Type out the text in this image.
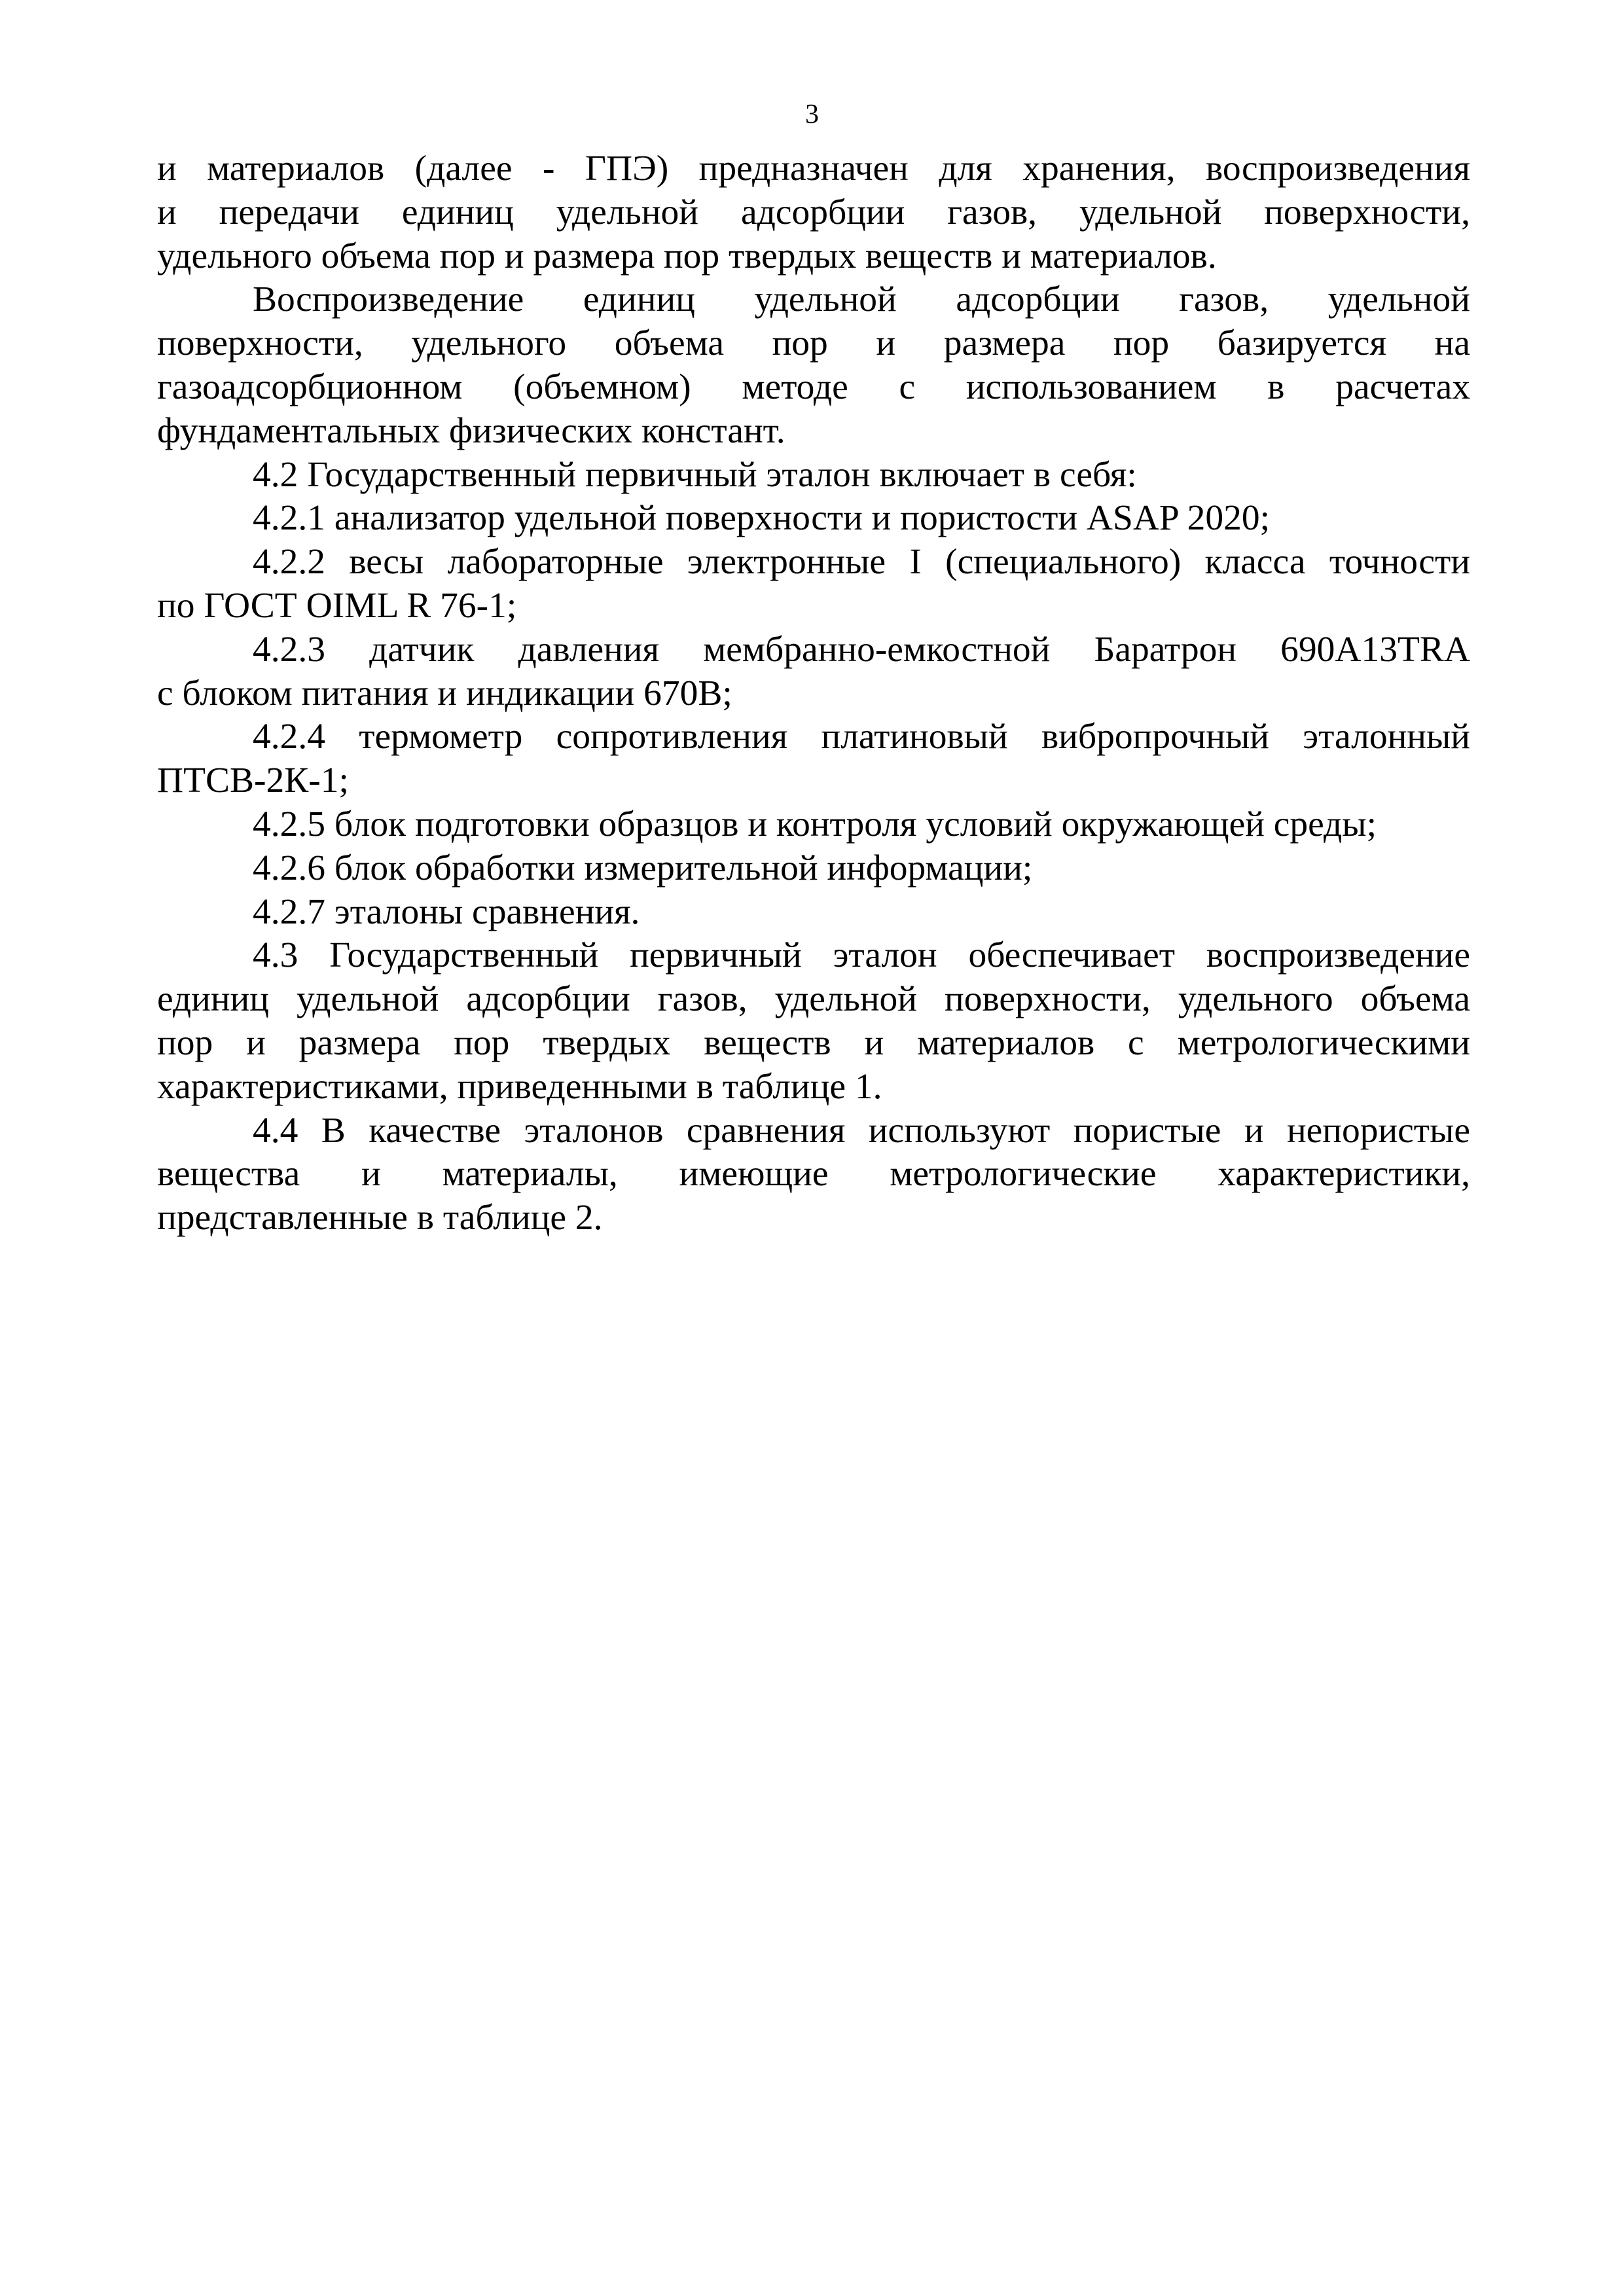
3
и материалов (далее - ГПЭ) предназначен для хранения, воспроизведения
и передачи единиц удельной адсорбции газов, удельной поверхности,
удельного объема пор и размера пор твердых веществ и материалов.
Воспроизведение единиц удельной адсорбции газов, удельной
поверхности, удельного объема пор и размера пор базируется на
газоадсорбционном (объемном) методе с использованием в расчетах
фундаментальных физических констант.
4.2 Государственный первичный эталон включает в себя:
4.2.1 анализатор удельной поверхности и пористости ASAP 2020;
4.2.2 весы лабораторные электронные I (специального) класса точности
по ГОСТ OIML R 76-1;
4.2.3 датчик давления мембранно-емкостной Баратрон 690A13TRA
с блоком питания и индикации 670B;
4.2.4 термометр сопротивления платиновый вибропрочный эталонный
ПТСВ-2К-1;
4.2.5 блок подготовки образцов и контроля условий окружающей среды;
4.2.6 блок обработки измерительной информации;
4.2.7 эталоны сравнения.
4.3 Государственный первичный эталон обеспечивает воспроизведение
единиц удельной адсорбции газов, удельной поверхности, удельного объема
пор и размера пор твердых веществ и материалов с метрологическими
характеристиками, приведенными в таблице 1.
4.4 В качестве эталонов сравнения используют пористые и непористые
вещества и материалы, имеющие метрологические характеристики,
представленные в таблице 2.
